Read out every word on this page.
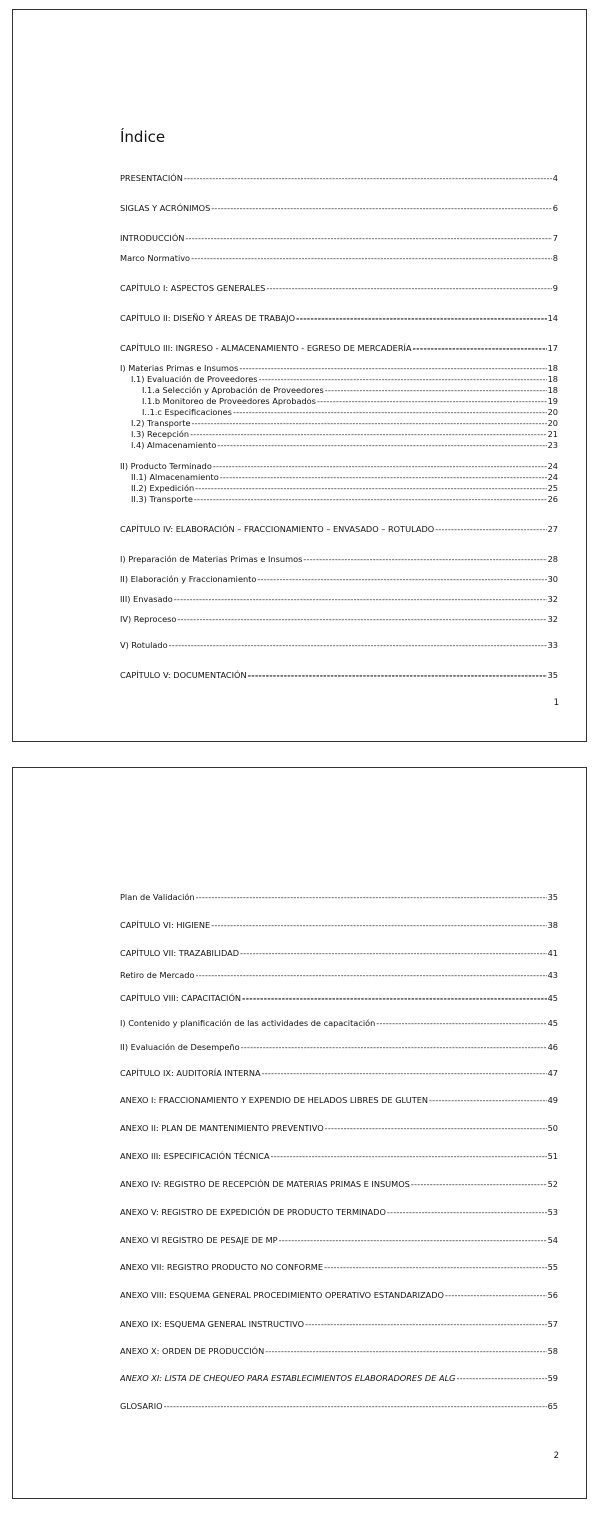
Índice
PRESENTACIÓN -----	4
SIGLAS Y ACRÓNIMOS -----	6
INTRODUCCIÓN -----	7
Marco Normativo -----	8
CAPÍTULO I: ASPECTOS GENERALES -----	9
CAPÍTULO II: DISEÑO Y ÁREAS DE TRABAJO -----	14
CAPÍTULO III: INGRESO - ALMACENAMIENTO - EGRESO DE MERCADERÍA -----	17
I) Materias Primas e Insumos -----	18
I.1) Evaluación de Proveedores -----	18
I.1.a Selección y Aprobación de Proveedores -----	18
I.1.b Monitoreo de Proveedores Aprobados -----	19
I..1.c Especificaciones -----	20
I.2) Transporte -----	20
I.3) Recepción -----	21
I.4) Almacenamiento -----	23
II) Producto Terminado -----	24
II.1) Almacenamiento -----	24
II.2) Expedición -----	25
II.3) Transporte -----	26
CAPÍTULO IV: ELABORACIÓN – FRACCIONAMIENTO – ENVASADO – ROTULADO -----	27
I) Preparación de Materias Primas e Insumos -----	28
II) Elaboración y Fraccionamiento -----	30
III) Envasado -----	32
IV) Reproceso -----	32
V) Rotulado -----	33
CAPÍTULO V: DOCUMENTACIÓN -----	35
1
Plan de Validación -----	35
CAPÍTULO VI: HIGIENE -----	38
CAPÍTULO VII: TRAZABILIDAD -----	41
Retiro de Mercado -----	43
CAPÍTULO VIII: CAPACITACIÓN -----	45
I) Contenido y planificación de las actividades de capacitación -----	45
II) Evaluación de Desempeño -----	46
CAPÍTULO IX: AUDITORÍA INTERNA -----	47
ANEXO I: FRACCIONAMIENTO Y EXPENDIO DE HELADOS LIBRES DE GLUTEN -----	49
ANEXO II: PLAN DE MANTENIMIENTO PREVENTIVO -----	50
ANEXO III: ESPECIFICACIÓN TÉCNICA -----	51
ANEXO IV: REGISTRO DE RECEPCIÓN DE MATERIAS PRIMAS E INSUMOS -----	52
ANEXO V: REGISTRO DE EXPEDICIÓN DE PRODUCTO TERMINADO -----	53
ANEXO VI REGISTRO DE PESAJE DE MP -----	54
ANEXO VII: REGISTRO PRODUCTO NO CONFORME -----	55
ANEXO VIII: ESQUEMA GENERAL PROCEDIMIENTO OPERATIVO ESTANDARIZADO -----	56
ANEXO IX: ESQUEMA GENERAL INSTRUCTIVO -----	57
ANEXO X: ORDEN DE PRODUCCIÓN -----	58
ANEXO XI: LISTA DE CHEQUEO PARA ESTABLECIMIENTOS ELABORADORES DE ALG -----	59
GLOSARIO -----	65
2
